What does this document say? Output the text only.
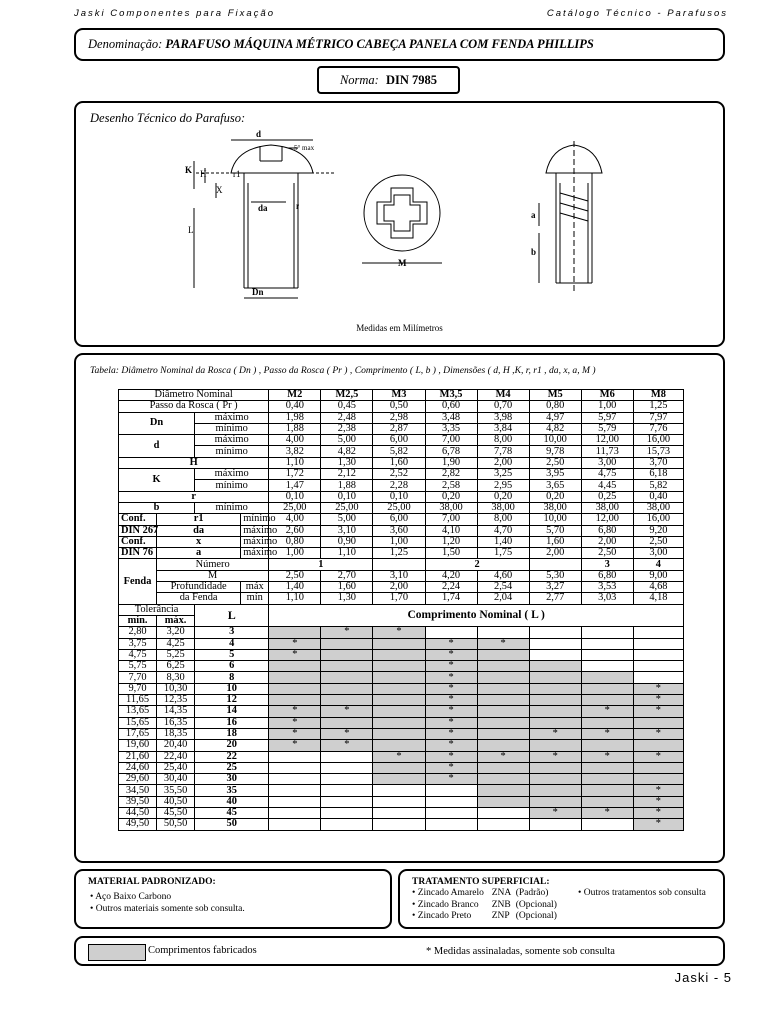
Jaski Componentes para Fixação	Catálogo Técnico - Parafusos
Denominação: PARAFUSO MÁQUINA MÉTRICO CABEÇA PANELA COM FENDA PHILLIPS
Norma: DIN 7985
Desenho Técnico do Parafuso:
d
5° max
K H	r1
X
r
da
L
Dn
M
a
b
Medidas em Milímetros
Tabela: Diâmetro Nominal da Rosca ( Dn ) , Passo da Rosca ( Pr ) , Comprimento ( L, b ) , Dimensões ( d, H ,K, r, r1 , da, x, a, M )
Diâmetro Nominal				M2	M2,5	M3	M3,5	M4	M5	M6	M8
Passo da Rosca ( Pr )				0,40	0,45	0,50	0,60	0,70	0,80	1,00	1,25
Dn		máximo		1,98	2,48	2,98	3,48	3,98	4,97	5,97	7,97
		mínimo		1,88	2,38	2,87	3,35	3,84	4,82	5,79	7,76
d		máximo		4,00	5,00	6,00	7,00	8,00	10,00	12,00	16,00
		mínimo		3,82	4,82	5,82	6,78	7,78	9,78	11,73	15,73
H				1,10	1,30	1,60	1,90	2,00	2,50	3,00	3,70
K		máximo		1,72	2,12	2,52	2,82	3,25	3,95	4,75	6,18
		mínimo		1,47	1,88	2,28	2,58	2,95	3,65	4,45	5,82
r				0,10	0,10	0,10	0,20	0,20	0,20	0,25	0,40
b		mínimo		25,00	25,00	25,00	38,00	38,00	38,00	38,00	38,00
Conf.	r1		mínimo	4,00	5,00	6,00	7,00	8,00	10,00	12,00	16,00
DIN 267	da		máximo	2,60	3,10	3,60	4,10	4,70	5,70	6,80	9,20
Conf.	x		máximo	0,80	0,90	1,00	1,20	1,40	1,60	2,00	2,50
DIN 76	a		máximo	1,00	1,10	1,25	1,50	1,75	2,00	2,50	3,00
Fenda	Número			1			2			3	4
	M			2,50	2,70	3,10	4,20	4,60	5,30	6,80	9,00
	Profundidade		máx	1,40	1,60	2,00	2,24	2,54	3,27	3,53	4,68
	da Fenda		mín	1,10	1,30	1,70	1,74	2,04	2,77	3,03	4,18
Tolerância		L		Comprimento Nominal ( L )							
mín.	máx.										
2,80	3,20	3			*	*					
3,75	4,25	4		*			*	*			
4,75	5,25	5		*			*				
5,75	6,25	6					*				
7,70	8,30	8					*				
9,70	10,30	10					*				*
11,65	12,35	12					*				*
13,65	14,35	14		*	*		*			*	*
15,65	16,35	16		*			*				
17,65	18,35	18		*	*		*		*	*	*
19,60	20,40	20		*	*		*				
21,60	22,40	22				*	*	*	*	*	*
24,60	25,40	25					*				
29,60	30,40	30					*				
34,50	35,50	35									*
39,50	40,50	40									*
44,50	45,50	45							*	*	*
49,50	50,50	50									*
MATERIAL PADRONIZADO:
• Aço Baixo Carbono
• Outros materiais somente sob consulta.
TRATAMENTO SUPERFICIAL:
• Zincado Amarelo ZNA (Padrão)
• Zincado Branco ZNB (Opcional)
• Zincado Preto ZNP (Opcional)
• Outros tratamentos sob consulta
Comprimentos fabricados	* Medidas assinaladas, somente sob consulta
Jaski - 5
